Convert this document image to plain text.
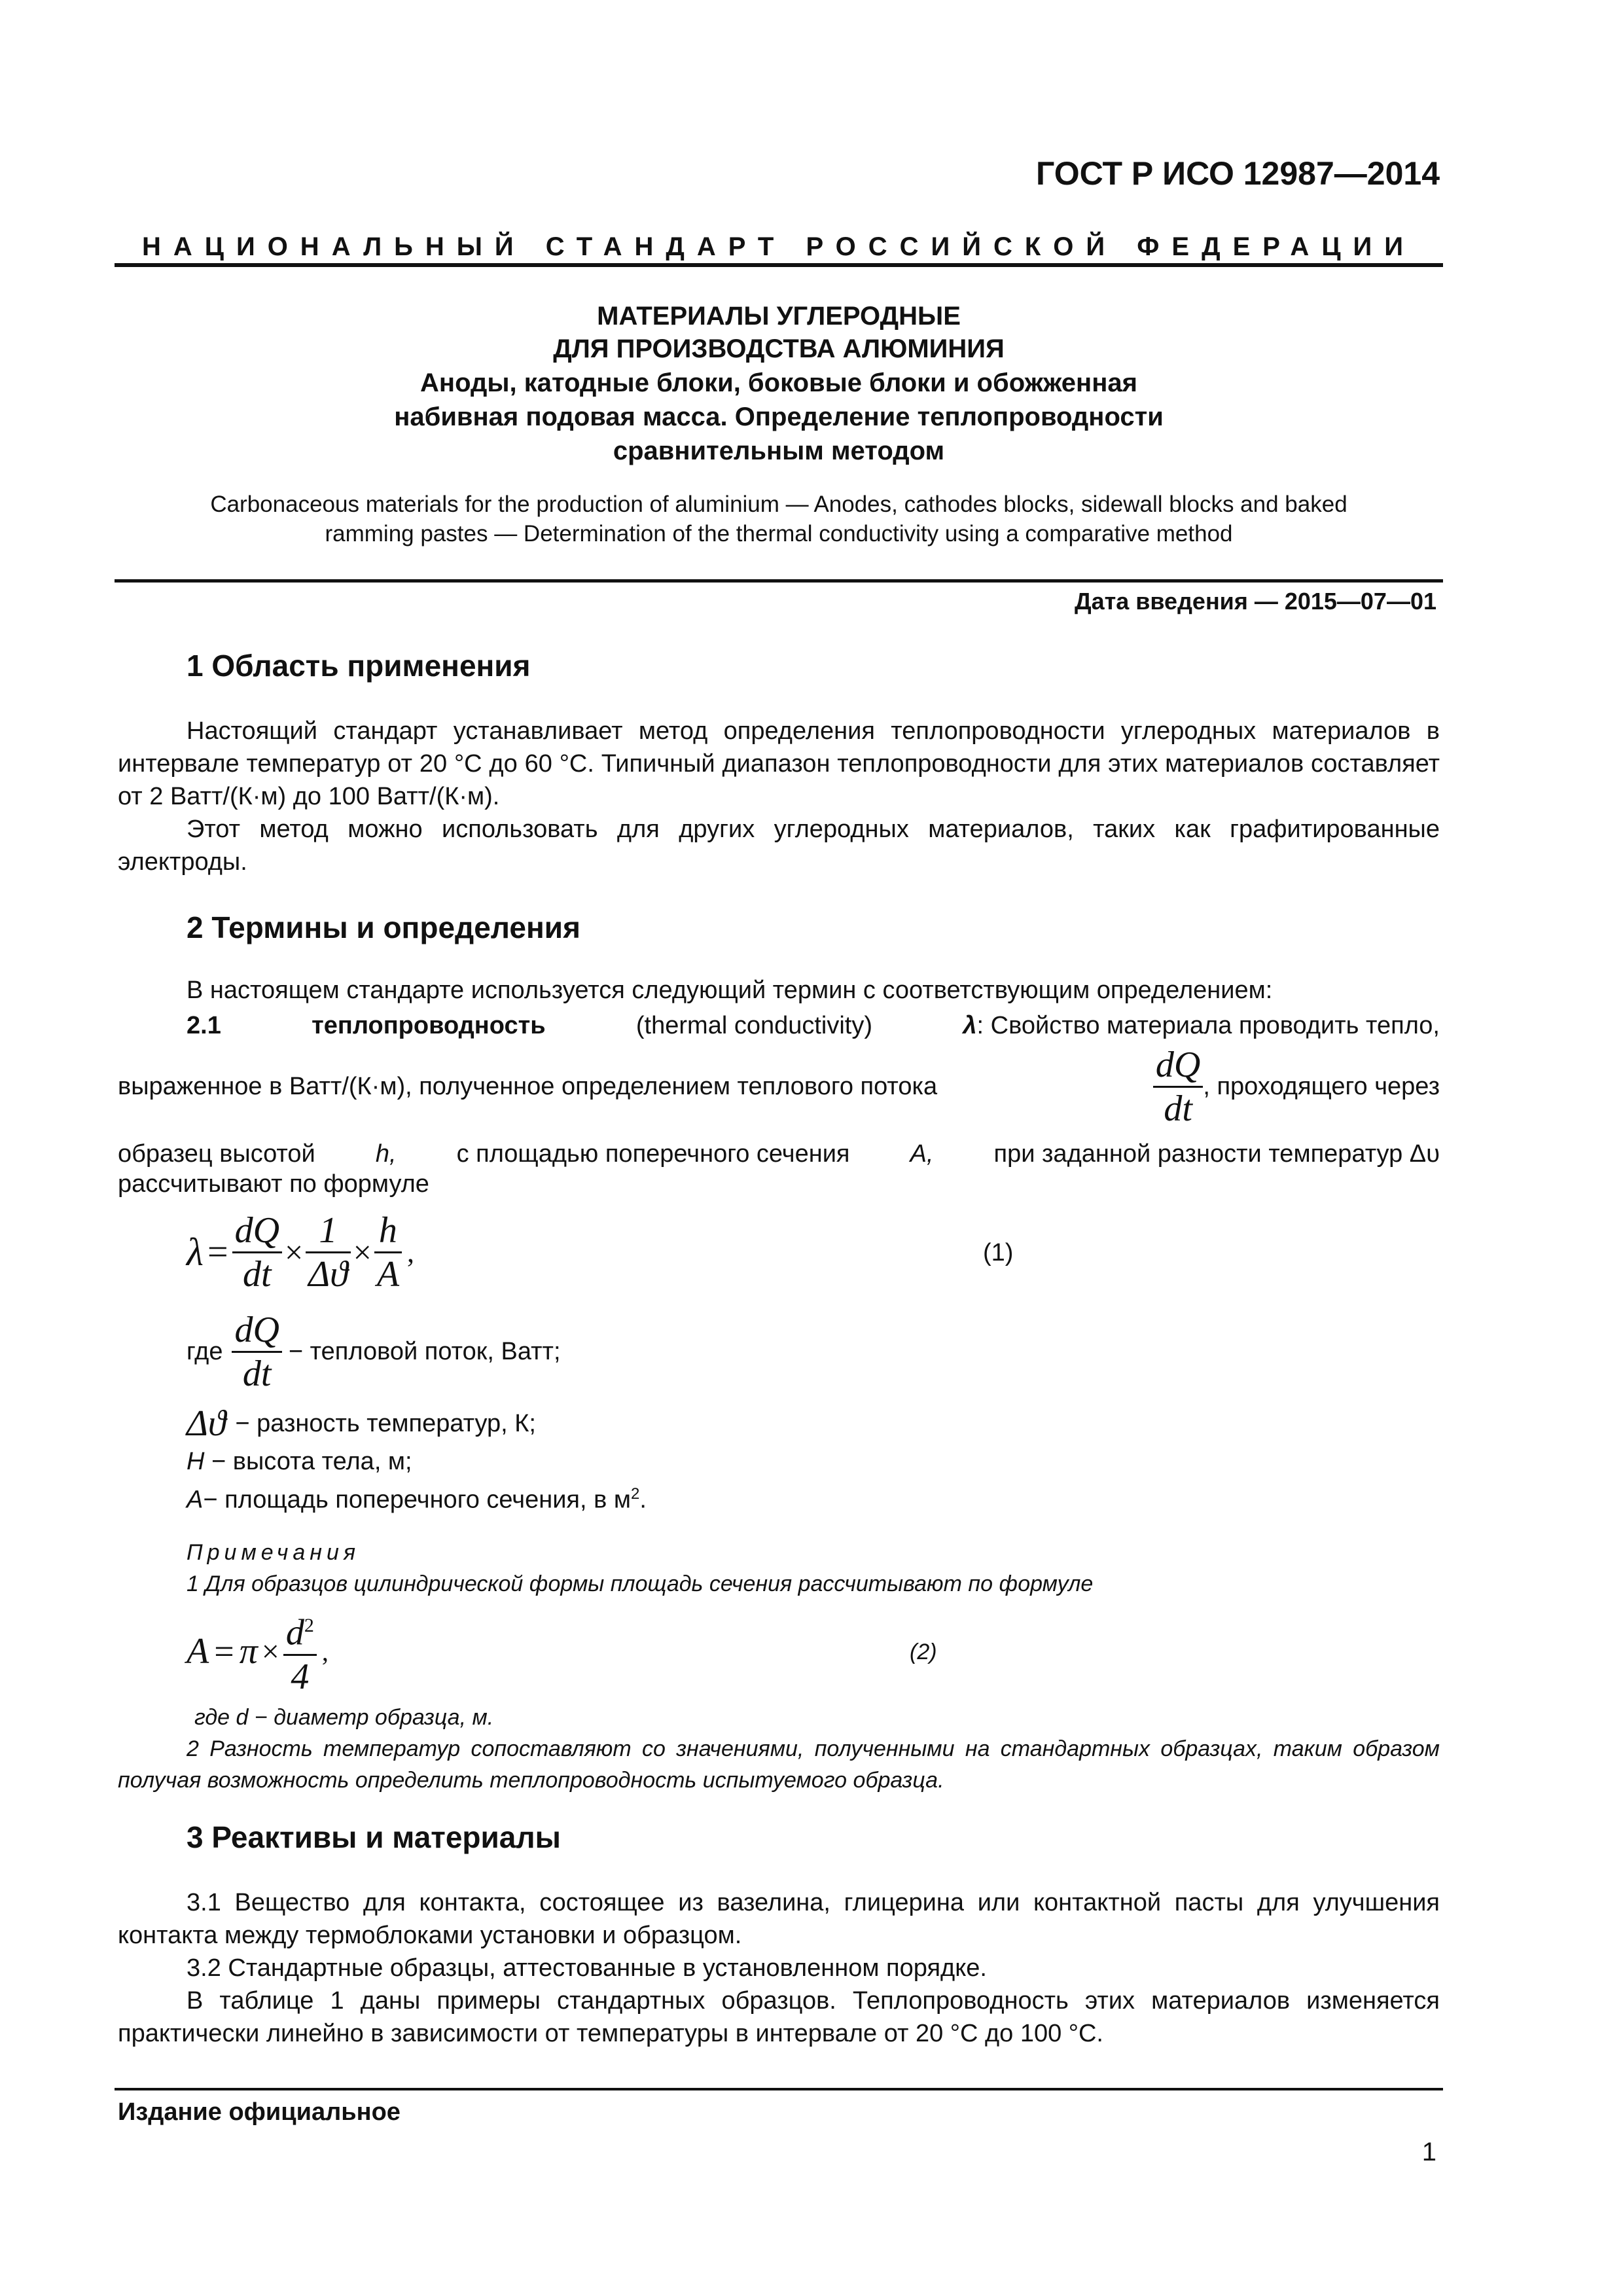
ГОСТ Р ИСО 12987—2014
НАЦИОНАЛЬНЫЙ СТАНДАРТ РОССИЙСКОЙ ФЕДЕРАЦИИ
МАТЕРИАЛЫ УГЛЕРОДНЫЕ
ДЛЯ ПРОИЗВОДСТВА АЛЮМИНИЯ
Аноды, катодные блоки, боковые блоки и обожженная
набивная подовая масса. Определение теплопроводности
сравнительным методом
Carbonaceous materials for the production of aluminium — Anodes, cathodes blocks, sidewall blocks and baked
ramming pastes — Determination of the thermal conductivity using a comparative method
Дата введения — 2015—07—01
1 Область применения
Настоящий стандарт устанавливает метод определения теплопроводности углеродных материалов в интервале температур от 20 °С до 60 °С. Типичный диапазон теплопроводности для этих материалов составляет от 2 Ватт/(К·м) до 100 Ватт/(К·м).
Этот метод можно использовать для других углеродных материалов, таких как графитированные электроды.
2 Термины и определения
В настоящем стандарте используется следующий термин с соответствующим определением:
2.1	теплопроводность	(thermal conductivity)	λ: Свойство материала проводить тепло,
выраженное в Ватт/(К·м), полученное определением теплового потока	$\frac{dQ}{dt}$ , проходящего через
образец высотой h, с площадью поперечного сечения A, при заданной разности температур Δυ
рассчитывают по формуле
$\lambda = \frac{dQ}{dt} \times \frac{1}{\Delta ϑ} \times \frac{h}{A}$ ,	(1)
где $\frac{dQ}{dt}$ − тепловой поток, Ватт;
Δϑ − разность температур, К;
Н − высота тела, м;
А− площадь поперечного сечения, в $м^2$.
Примечания
1 Для образцов цилиндрической формы площадь сечения рассчитывают по формуле
$A = \pi \times \frac{d^2}{4}$ ,	(2)
где d − диаметр образца, м.
2 Разность температур сопоставляют со значениями, полученными на стандартных образцах, таким образом получая возможность определить теплопроводность испытуемого образца.
3 Реактивы и материалы
3.1 Вещество для контакта, состоящее из вазелина, глицерина или контактной пасты для улучшения контакта между термоблоками установки и образцом.
3.2 Стандартные образцы, аттестованные в установленном порядке.
В таблице 1 даны примеры стандартных образцов. Теплопроводность этих материалов изменяется практически линейно в зависимости от температуры в интервале от 20 °С до 100 °С.
Издание официальное
1
